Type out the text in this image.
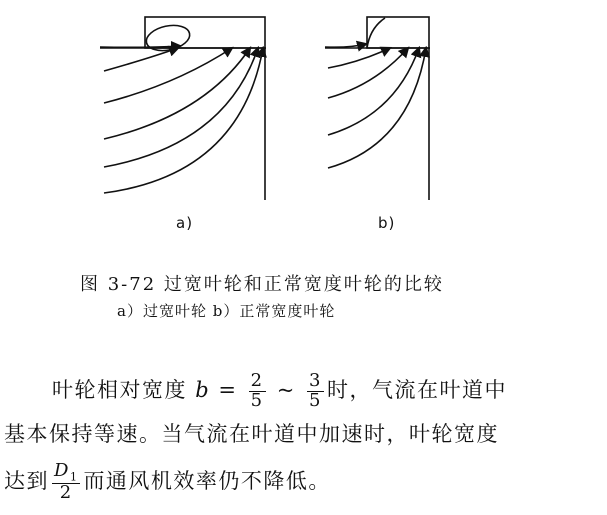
a)	b)
图 3-72 过宽叶轮和正常宽度叶轮的比较
a）过宽叶轮 b）正常宽度叶轮
叶轮相对宽度 $b = \frac{2}{5}$ ~ $\frac{3}{5}$ 时，气流在叶道中
基本保持等速。当气流在叶道中加速时，叶轮宽度
达到 $\frac{D_1}{2}$ 而通风机效率仍不降低。
